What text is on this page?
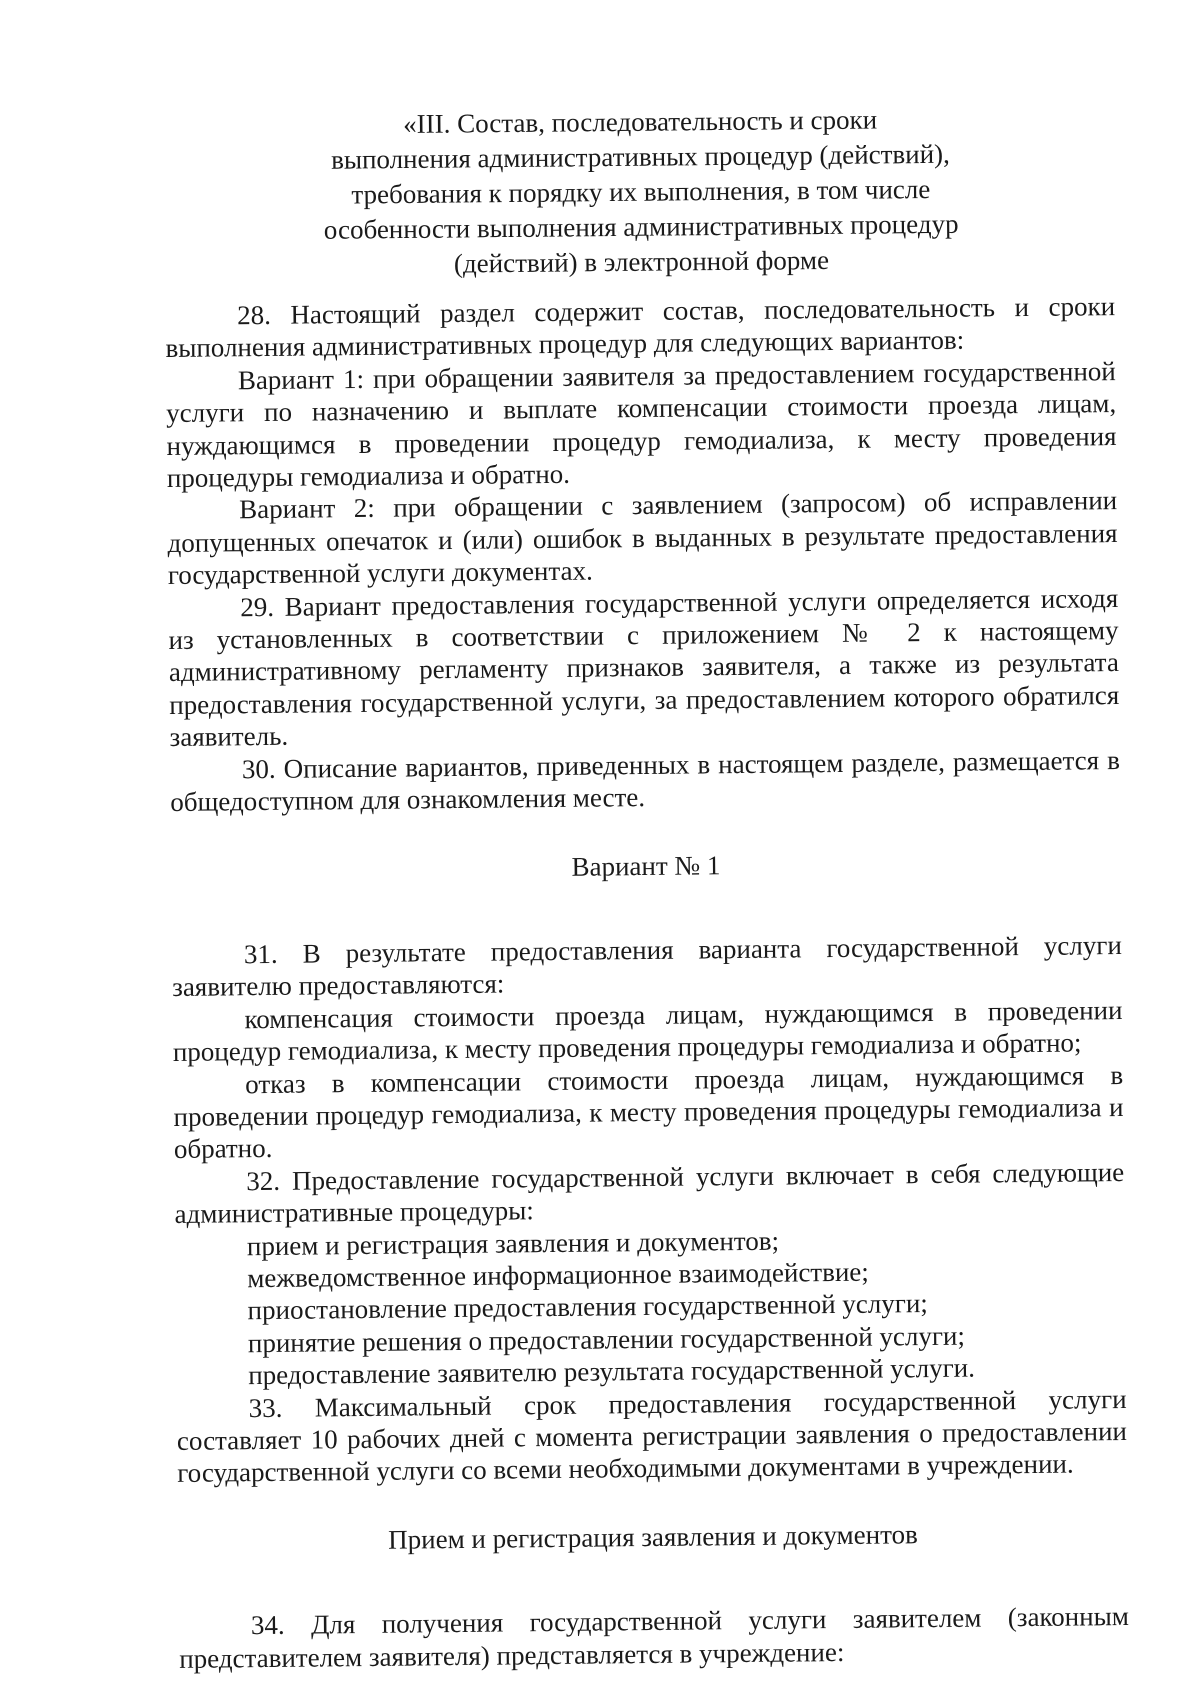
«III. Состав, последовательность и сроки
выполнения административных процедур (действий),
требования к порядку их выполнения, в том числе
особенности выполнения административных процедур
(действий) в электронной форме

28. Настоящий раздел содержит состав, последовательность и сроки выполнения административных процедур для следующих вариантов:

Вариант 1: при обращении заявителя за предоставлением государственной услуги по назначению и выплате компенсации стоимости проезда лицам, нуждающимся в проведении процедур гемодиализа, к месту проведения процедуры гемодиализа и обратно.

Вариант 2: при обращении с заявлением (запросом) об исправлении допущенных опечаток и (или) ошибок в выданных в результате предоставления государственной услуги документах.

29. Вариант предоставления государственной услуги определяется исходя из установленных в соответствии с приложением № 2 к настоящему административному регламенту признаков заявителя, а также из результата предоставления государственной услуги, за предоставлением которого обратился заявитель.

30. Описание вариантов, приведенных в настоящем разделе, размещается в общедоступном для ознакомления месте.

Вариант № 1

31. В результате предоставления варианта государственной услуги заявителю предоставляются:

компенсация стоимости проезда лицам, нуждающимся в проведении процедур гемодиализа, к месту проведения процедуры гемодиализа и обратно;

отказ в компенсации стоимости проезда лицам, нуждающимся в проведении процедур гемодиализа, к месту проведения процедуры гемодиализа и обратно.

32. Предоставление государственной услуги включает в себя следующие административные процедуры:

прием и регистрация заявления и документов;

межведомственное информационное взаимодействие;

приостановление предоставления государственной услуги;

принятие решения о предоставлении государственной услуги;

предоставление заявителю результата государственной услуги.

33. Максимальный срок предоставления государственной услуги составляет 10 рабочих дней с момента регистрации заявления о предоставлении государственной услуги со всеми необходимыми документами в учреждении.

Прием и регистрация заявления и документов

34. Для получения государственной услуги заявителем (законным представителем заявителя) представляется в учреждение:
